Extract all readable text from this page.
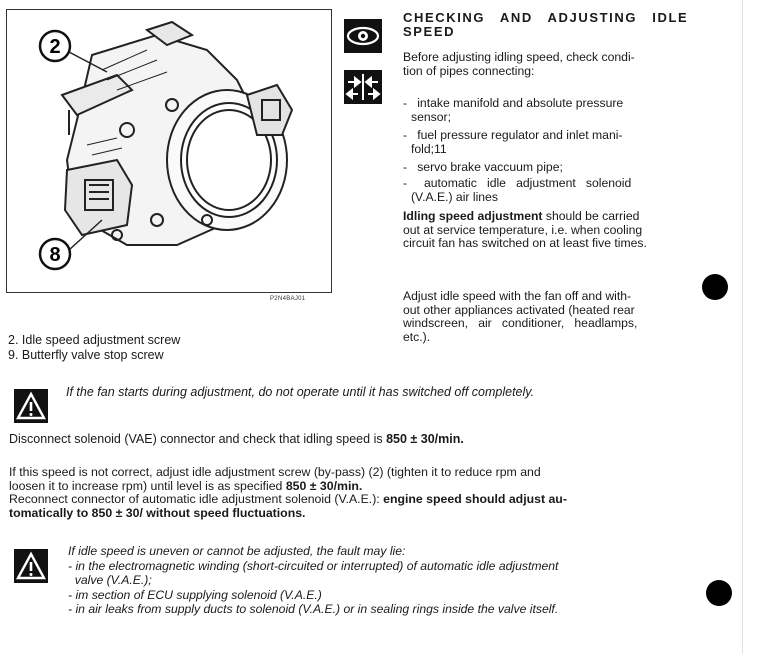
2
8
P2N4BAJ01
2. Idle speed adjustment screw
9. Butterfly valve stop screw
CHECKING AND ADJUSTING IDLE
SPEED
Before adjusting idling speed, check condi-
tion of pipes connecting:
-   intake manifold and absolute pressure
sensor;
-   fuel pressure regulator and inlet mani-
fold;11
-   servo brake vaccuum pipe;
-     automatic   idle   adjustment   solenoid
(V.A.E.) air lines
Idling speed adjustment should be carried
out at service temperature, i.e. when cooling
circuit fan has switched on at least five times.
Adjust idle speed with the fan off and with-
out other appliances activated (heated rear
windscreen,   air   conditioner,   headlamps,
etc.).
If the fan starts during adjustment, do not operate until it has switched off completely.
Disconnect solenoid (VAE) connector and check that idling speed is 850 ± 30/min.
If this speed is not correct, adjust idle adjustment screw (by-pass) (2) (tighten it to reduce rpm and
loosen it to increase rpm) until level is as specified 850 ± 30/min.
Reconnect connector of automatic idle adjustment solenoid (V.A.E.): engine speed should adjust au-
tomatically to 850 ± 30/ without speed fluctuations.
If idle speed is uneven or cannot be adjusted, the fault may lie:
- in the electromagnetic winding (short-circuited or interrupted) of automatic idle adjustment
valve (V.A.E.);
- im section of ECU supplying solenoid (V.A.E.)
- in air leaks from supply ducts to solenoid (V.A.E.) or in sealing rings inside the valve itself.
